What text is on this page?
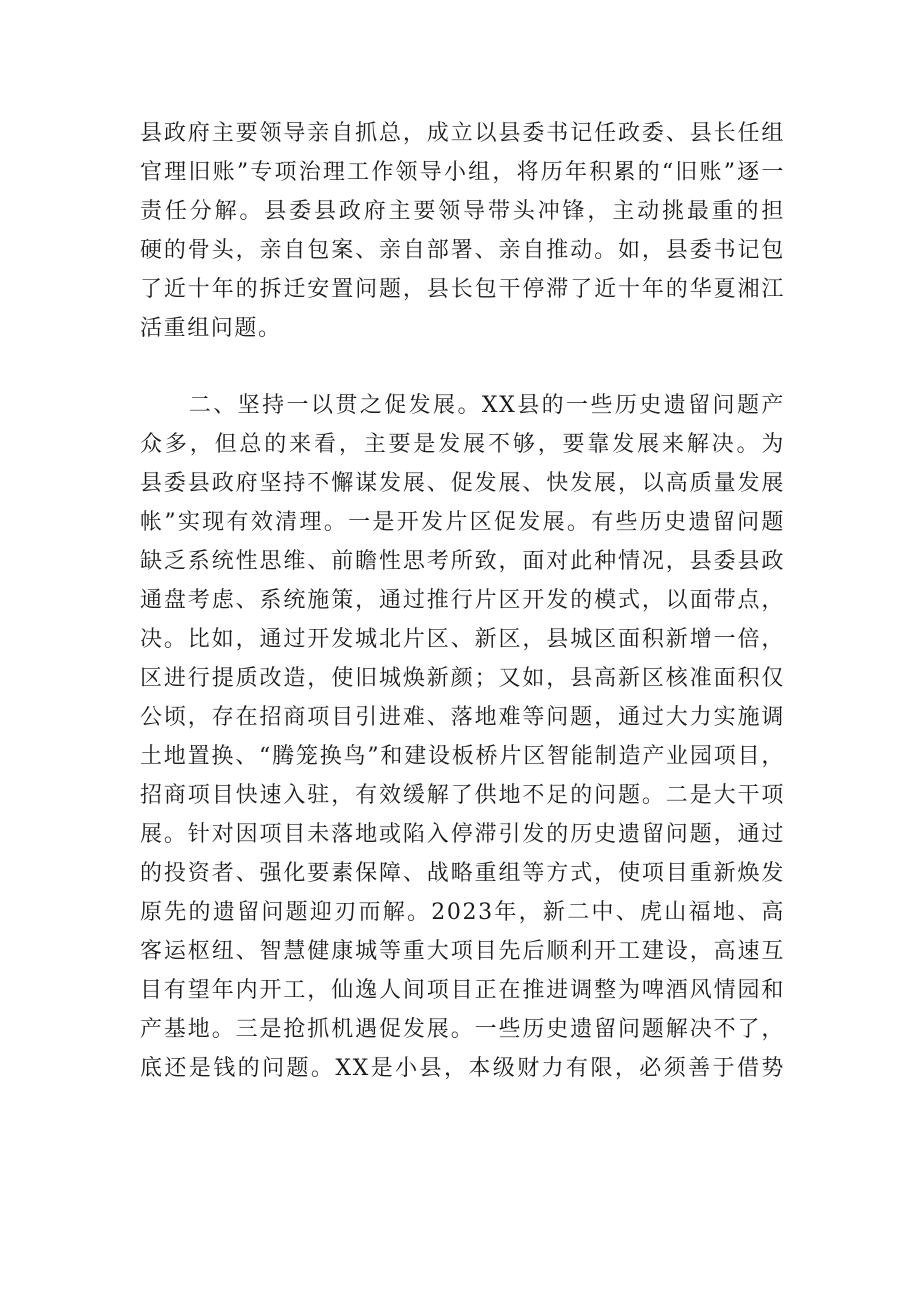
县政府主要领导亲自抓总，成立以县委书记任政委、县长任组
官理旧账”专项治理工作领导小组，将历年积累的“旧账”逐一
责任分解。县委县政府主要领导带头冲锋，主动挑最重的担
硬的骨头，亲自包案、亲自部署、亲自推动。如，县委书记包
了近十年的拆迁安置问题，县长包干停滞了近十年的华夏湘江
活重组问题。
　　二、坚持一以贯之促发展。XX县的一些历史遗留问题产
众多，但总的来看，主要是发展不够，要靠发展来解决。为
县委县政府坚持不懈谋发展、促发展、快发展，以高质量发展
帐”实现有效清理。一是开发片区促发展。有些历史遗留问题
缺乏系统性思维、前瞻性思考所致，面对此种情况，县委县政
通盘考虑、系统施策，通过推行片区开发的模式，以面带点，
决。比如，通过开发城北片区、新区，县城区面积新增一倍，
区进行提质改造，使旧城焕新颜；又如，县高新区核准面积仅
公顷，存在招商项目引进难、落地难等问题，通过大力实施调
土地置换、“腾笼换鸟”和建设板桥片区智能制造产业园项目，
招商项目快速入驻，有效缓解了供地不足的问题。二是大干项
展。针对因项目未落地或陷入停滞引发的历史遗留问题，通过
的投资者、强化要素保障、战略重组等方式，使项目重新焕发
原先的遗留问题迎刃而解。2023年，新二中、虎山福地、高
客运枢纽、智慧健康城等重大项目先后顺利开工建设，高速互
目有望年内开工，仙逸人间项目正在推进调整为啤酒风情园和
产基地。三是抢抓机遇促发展。一些历史遗留问题解决不了，
底还是钱的问题。XX是小县，本级财力有限，必须善于借势
